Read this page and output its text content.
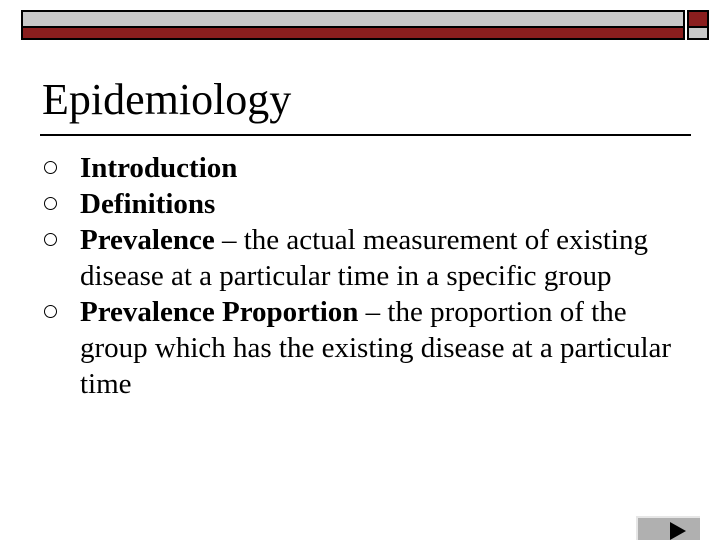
Epidemiology
Introduction
Definitions
Prevalence – the actual measurement of existing disease at a particular time in a specific group
Prevalence Proportion – the proportion of the group which has the existing disease at a particular time
